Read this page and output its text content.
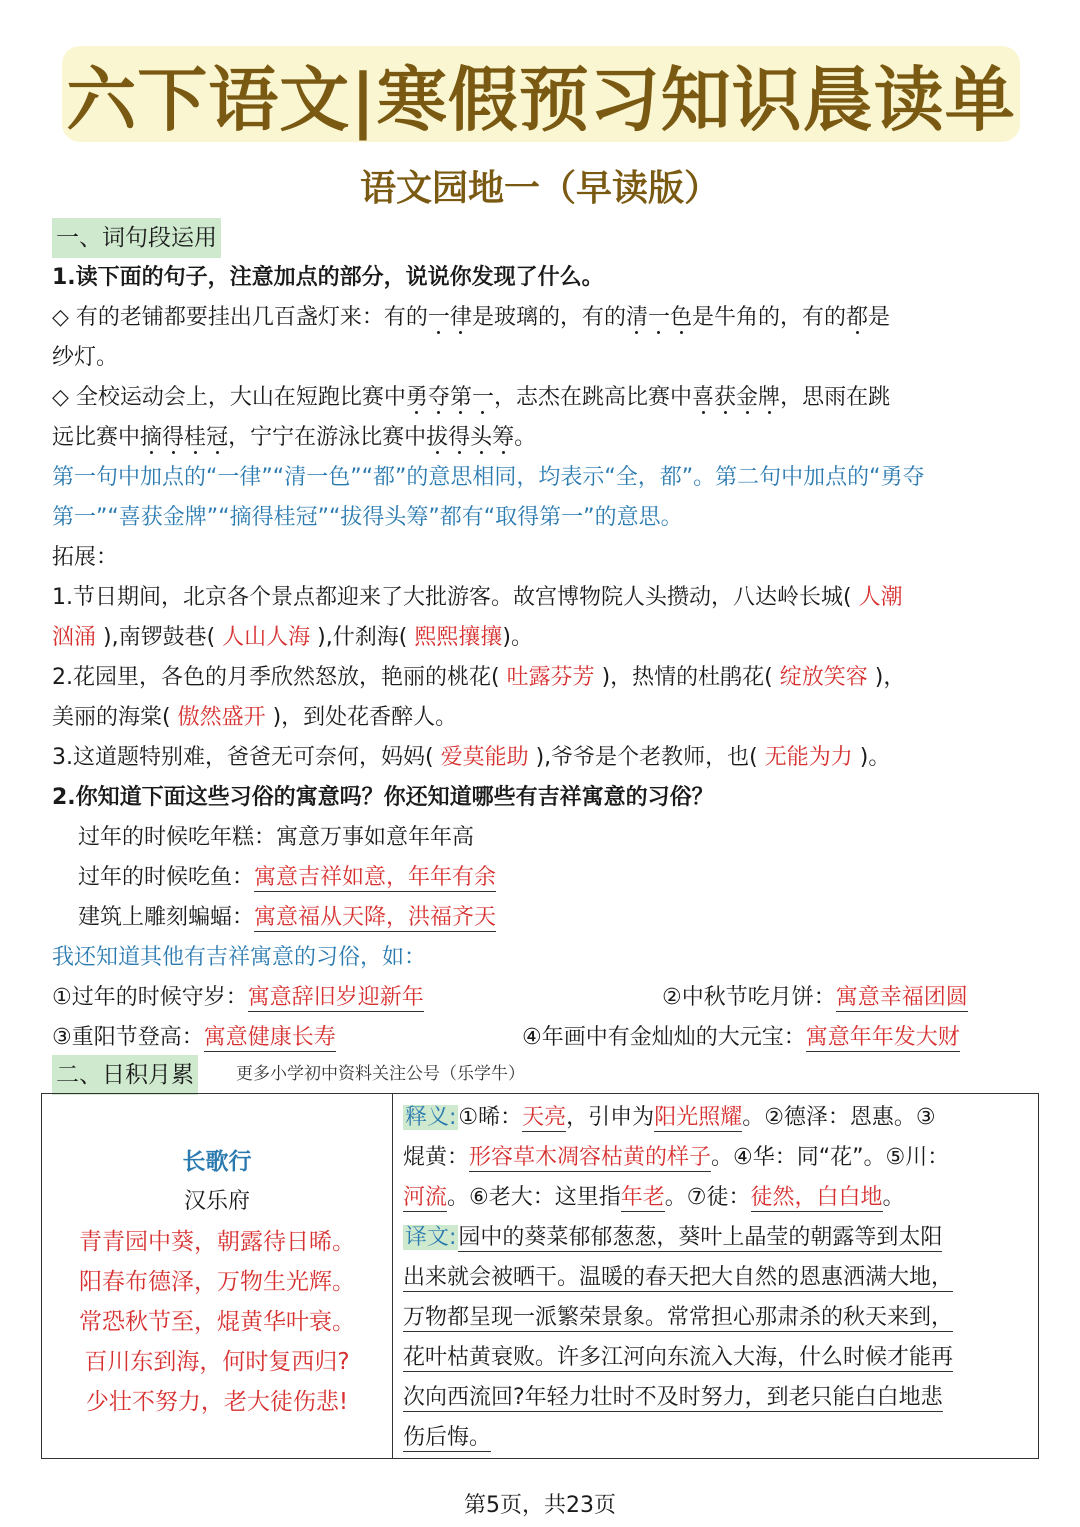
六下语文|寒假预习知识晨读单
语文园地一（早读版）
一、词句段运用
1.读下面的句子，注意加点的部分，说说你发现了什么。
◇ 有的老铺都要挂出几百盏灯来：有的一律是玻璃的，有的清一色是牛角的，有的都是
纱灯。
◇ 全校运动会上，大山在短跑比赛中勇夺第一，志杰在跳高比赛中喜获金牌，思雨在跳
远比赛中摘得桂冠，宁宁在游泳比赛中拔得头筹。
第一句中加点的“一律”“清一色”“都”的意思相同，均表示“全，都”。第二句中加点的“勇夺
第一”“喜获金牌”“摘得桂冠”“拔得头筹”都有“取得第一”的意思。
拓展：
1.节日期间，北京各个景点都迎来了大批游客。故宫博物院人头攒动，八达岭长城( 人潮
汹涌 ),南锣鼓巷( 人山人海 ),什刹海( 熙熙攘攘)。
2.花园里，各色的月季欣然怒放，艳丽的桃花( 吐露芬芳 )，热情的杜鹃花( 绽放笑容 )，
美丽的海棠( 傲然盛开 )，到处花香醉人。
3.这道题特别难，爸爸无可奈何，妈妈( 爱莫能助 ),爷爷是个老教师，也( 无能为力 )。
2.你知道下面这些习俗的寓意吗？你还知道哪些有吉祥寓意的习俗？
过年的时候吃年糕：寓意万事如意年年高
过年的时候吃鱼：寓意吉祥如意，年年有余
建筑上雕刻蝙蝠：寓意福从天降，洪福齐天
我还知道其他有吉祥寓意的习俗，如：
①过年的时候守岁：寓意辞旧岁迎新年	②中秋节吃月饼：寓意幸福团圆
③重阳节登高：寓意健康长寿	④年画中有金灿灿的大元宝：寓意年年发大财
二、日积月累 更多小学初中资料关注公号（乐学牛）
长歌行
汉乐府
青青园中葵，朝露待日晞。
阳春布德泽，万物生光辉。
常恐秋节至，焜黄华叶衰。
百川东到海，何时复西归?
少壮不努力，老大徒伤悲!

释义:①晞：天亮，引申为阳光照耀。②德泽：恩惠。③
焜黄：形容草木凋容枯黄的样子。④华：同“花”。⑤川：
河流。⑥老大：这里指年老。⑦徒：徒然，白白地。
译文:园中的葵菜郁郁葱葱，葵叶上晶莹的朝露等到太阳
出来就会被晒干。温暖的春天把大自然的恩惠洒满大地，
万物都呈现一派繁荣景象。常常担心那肃杀的秋天来到，
花叶枯黄衰败。许多江河向东流入大海，什么时候才能再
次向西流回?年轻力壮时不及时努力，到老只能白白地悲
伤后悔。
第5页，共23页
